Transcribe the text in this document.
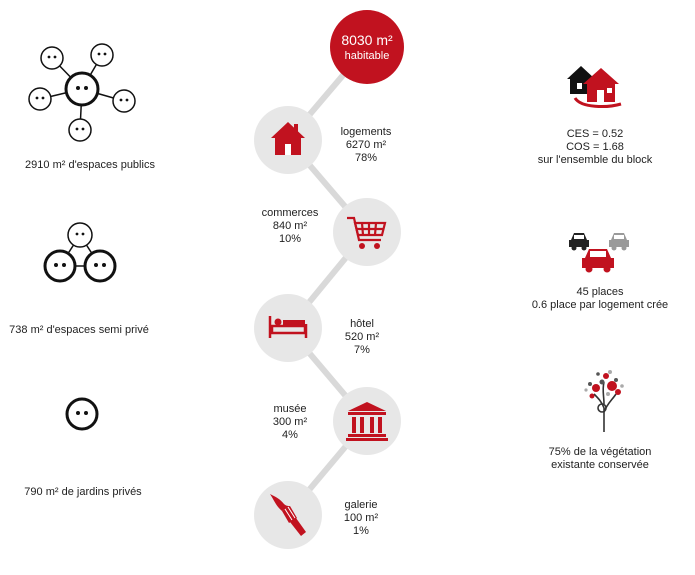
2910 m² d'espaces publics
738 m² d'espaces semi privé
790 m² de jardins privés
8030 m²
habitable
logements
6270 m²
78%
commerces
840 m²
10%
hôtel
520 m²
7%
musée
300 m²
4%
galerie
100 m²
1%
CES = 0.52
COS = 1.68
sur l'ensemble du block
45 places
0.6 place par logement crée
75% de la végétation
existante conservée
